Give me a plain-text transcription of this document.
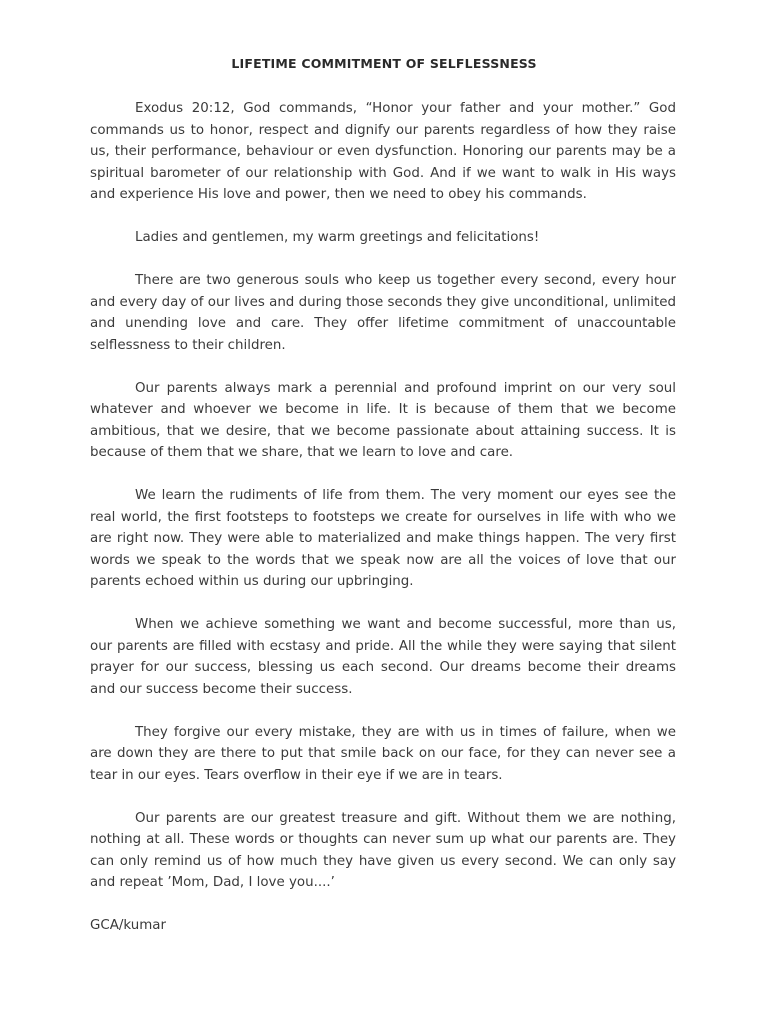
LIFETIME COMMITMENT OF SELFLESSNESS

Exodus 20:12, God commands, “Honor your father and your mother.” God commands us to honor, respect and dignify our parents regardless of how they raise us, their performance, behaviour or even dysfunction. Honoring our parents may be a spiritual barometer of our relationship with God. And if we want to walk in His ways and experience His love and power, then we need to obey his commands.

Ladies and gentlemen, my warm greetings and felicitations!

There are two generous souls who keep us together every second, every hour and every day of our lives and during those seconds they give unconditional, unlimited and unending love and care. They offer lifetime commitment of unaccountable selflessness to their children.

Our parents always mark a perennial and profound imprint on our very soul whatever and whoever we become in life. It is because of them that we become ambitious, that we desire, that we become passionate about attaining success. It is because of them that we share, that we learn to love and care.

We learn the rudiments of life from them. The very moment our eyes see the real world, the first footsteps to footsteps we create for ourselves in life with who we are right now. They were able to materialized and make things happen. The very first words we speak to the words that we speak now are all the voices of love that our parents echoed within us during our upbringing.

When we achieve something we want and become successful, more than us, our parents are filled with ecstasy and pride. All the while they were saying that silent prayer for our success, blessing us each second. Our dreams become their dreams and our success become their success.

They forgive our every mistake, they are with us in times of failure, when we are down they are there to put that smile back on our face, for they can never see a tear in our eyes. Tears overflow in their eye if we are in tears.

Our parents are our greatest treasure and gift. Without them we are nothing, nothing at all. These words or thoughts can never sum up what our parents are. They can only remind us of how much they have given us every second. We can only say and repeat ’Mom, Dad, I love you....’

GCA/kumar
